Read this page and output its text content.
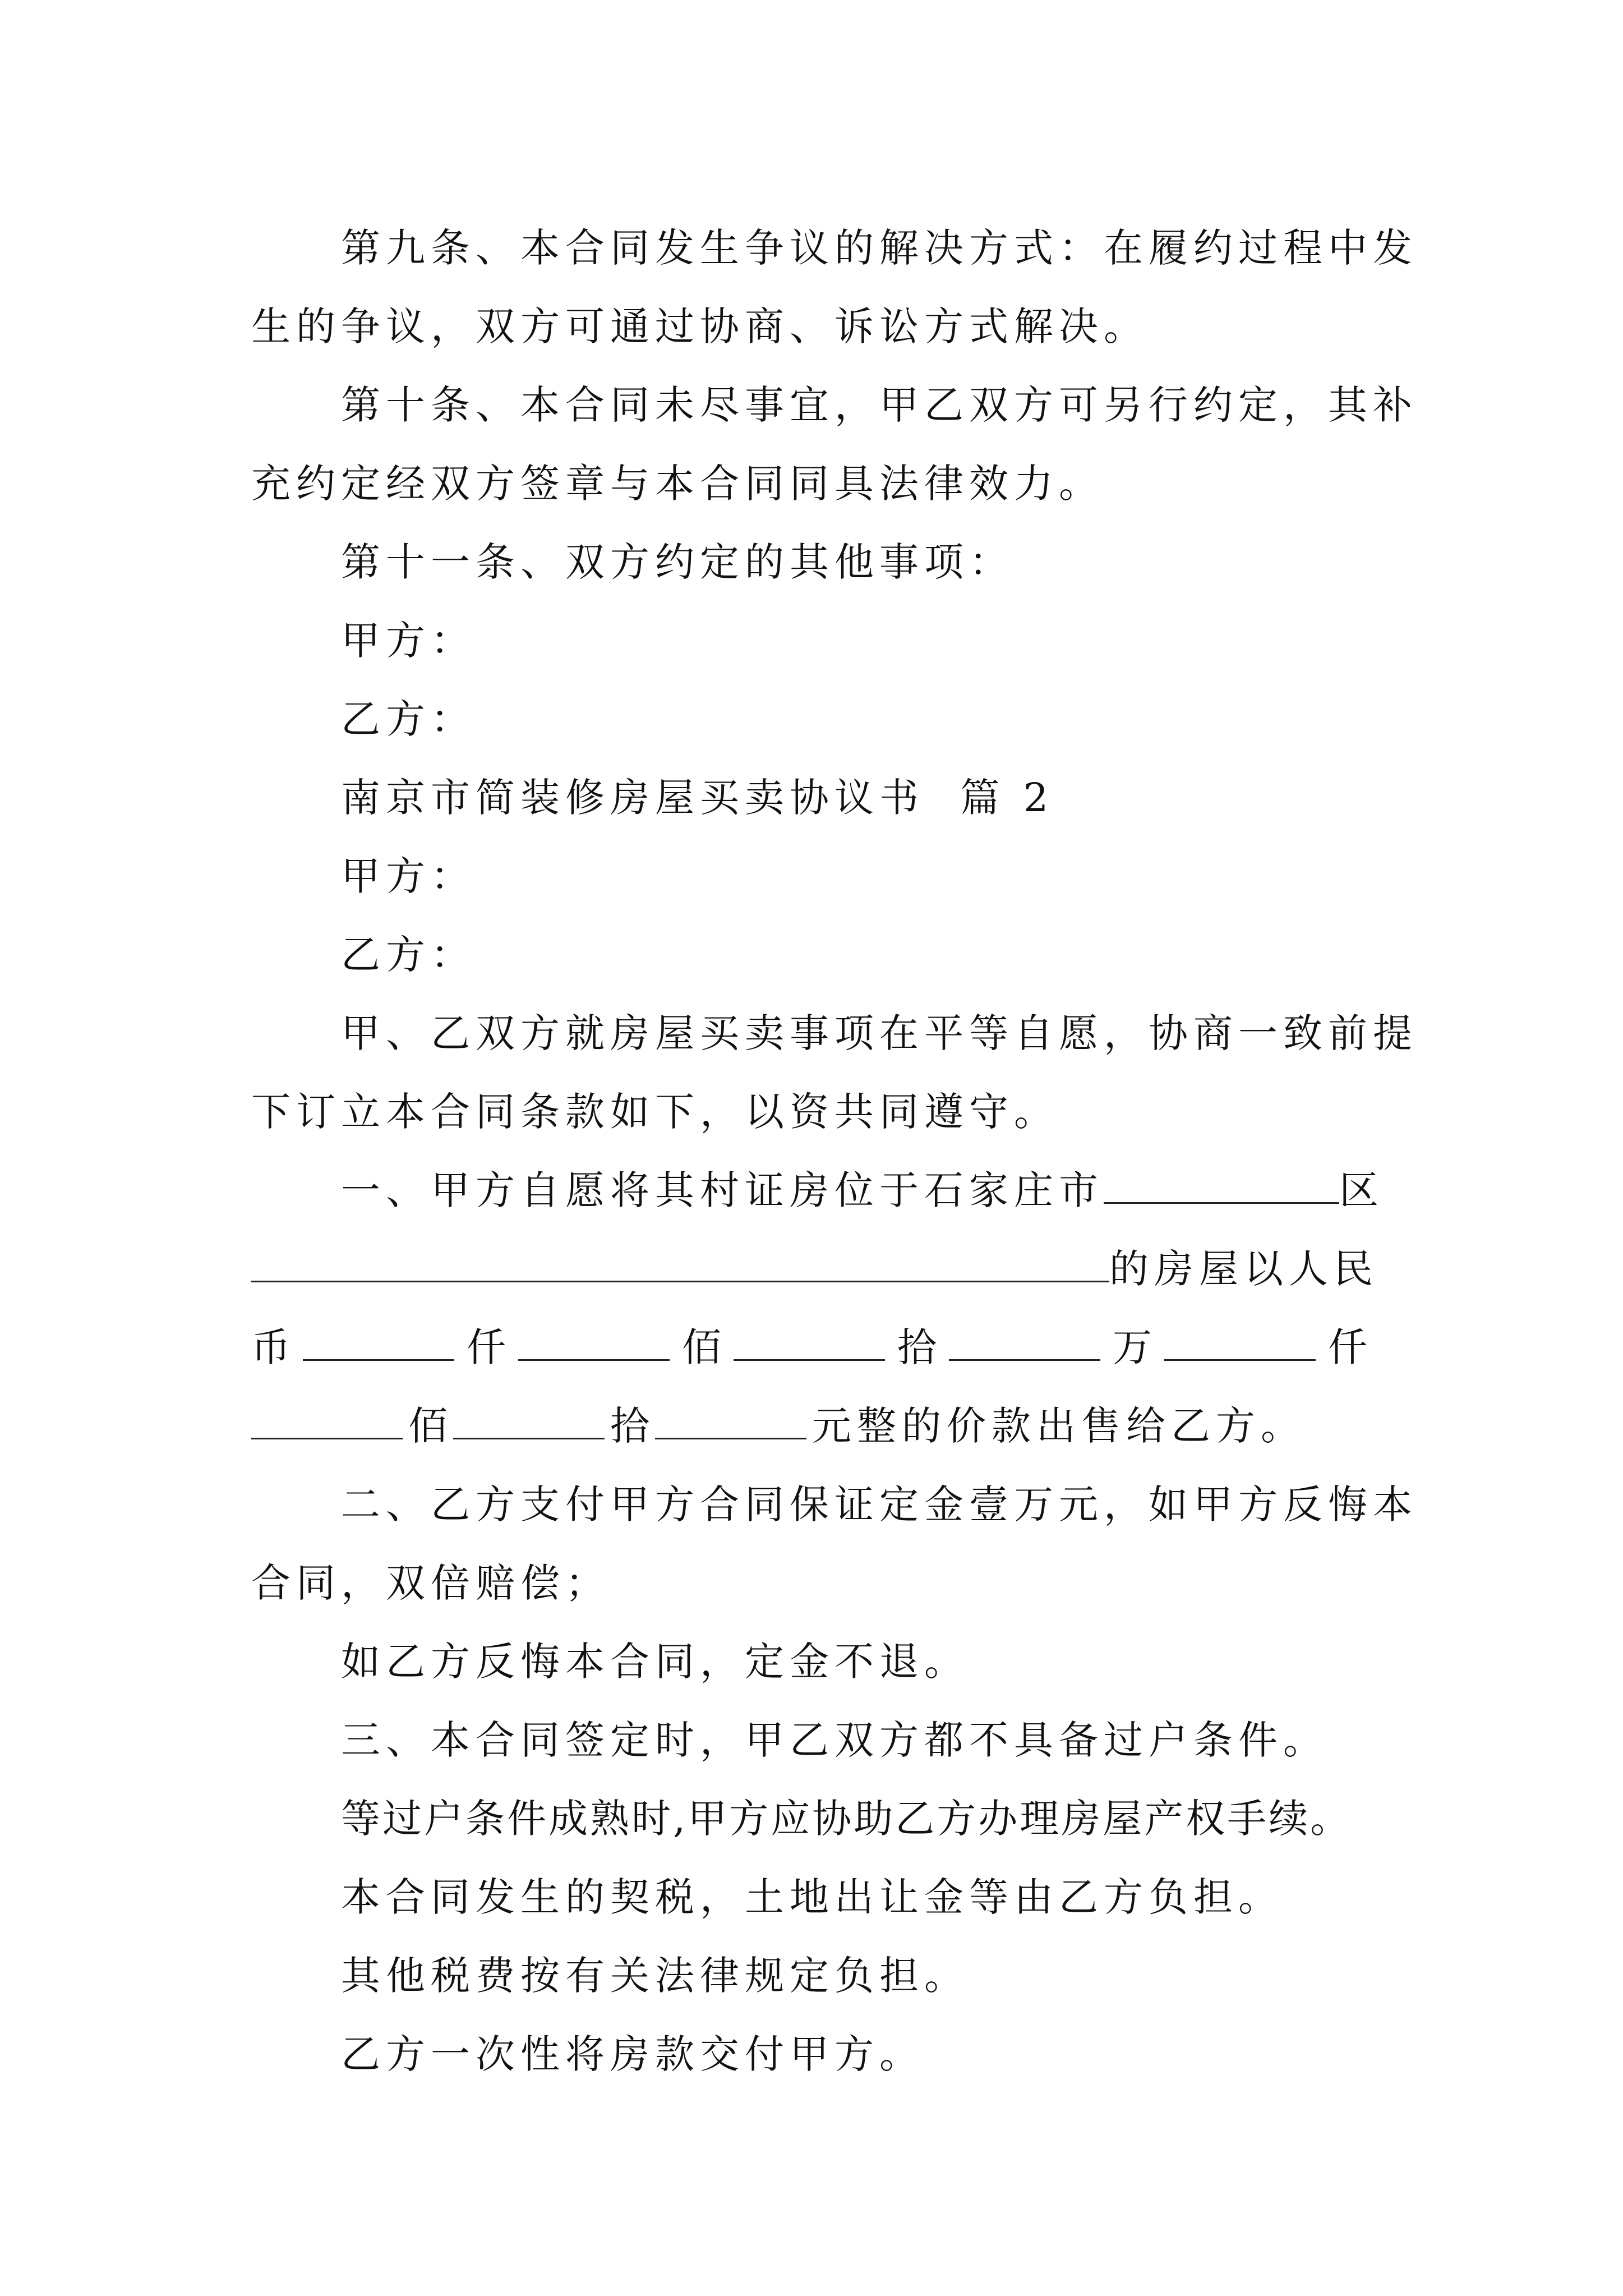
第九条、本合同发生争议的解决方式：在履约过程中发
生的争议，双方可通过协商、诉讼方式解决。
第十条、本合同未尽事宜，甲乙双方可另行约定，其补
充约定经双方签章与本合同同具法律效力。
第十一条、双方约定的其他事项：
甲方：
乙方：
南京市简装修房屋买卖协议书  篇 2
甲方：
乙方：
甲、乙双方就房屋买卖事项在平等自愿，协商一致前提
下订立本合同条款如下，以资共同遵守。
一、甲方自愿将其村证房位于石家庄市	区
的房屋以人民
币	仟	佰	拾	万	仟
佰	拾	元整的价款出售给乙方。
二、乙方支付甲方合同保证定金壹万元，如甲方反悔本
合同，双倍赔偿；
如乙方反悔本合同，定金不退。
三、本合同签定时，甲乙双方都不具备过户条件。
等过户条件成熟时,甲方应协助乙方办理房屋产权手续。
本合同发生的契税，土地出让金等由乙方负担。
其他税费按有关法律规定负担。
乙方一次性将房款交付甲方。
